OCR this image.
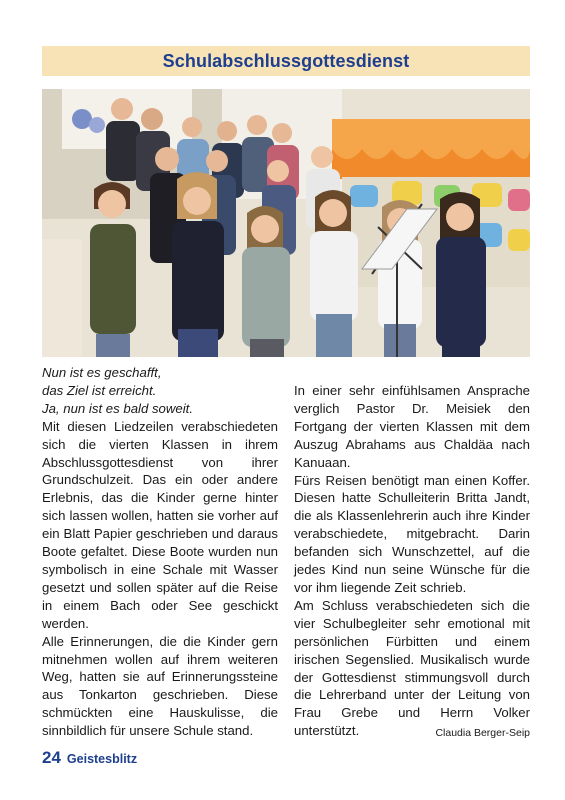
Schulabschlussgottesdienst

Nun ist es geschafft,

das Ziel ist erreicht.

Ja, nun ist es bald soweit.

Mit diesen Liedzeilen verabschiedeten sich die vierten Klassen in ihrem Abschlussgottesdienst von ihrer Grundschulzeit. Das ein oder andere Erlebnis, das die Kinder gerne hinter sich lassen wollen, hatten sie vorher auf ein Blatt Papier geschrieben und daraus Boote gefaltet. Diese Boote wurden nun symbolisch in eine Schale mit Wasser gesetzt und sollen später auf die Reise in einem Bach oder See geschickt werden.

Alle Erinnerungen, die die Kinder gern mitnehmen wollen auf ihrem weiteren Weg, hatten sie auf Erinnerungssteine aus Tonkarton geschrieben. Diese schmückten eine Hauskulisse, die sinnbildlich für unsere Schule stand.

In einer sehr einfühlsamen Ansprache verglich Pastor Dr. Meisiek den Fortgang der vierten Klassen mit dem Auszug Abrahams aus Chaldäa nach Kanuaan.

Fürs Reisen benötigt man einen Koffer. Diesen hatte Schulleiterin Britta Jandt, die als Klassenlehrerin auch ihre Kinder verabschiedete, mitgebracht. Darin befanden sich Wunschzettel, auf die jedes Kind nun seine Wünsche für die vor ihm liegende Zeit schrieb.

Am Schluss verabschiedeten sich die vier Schulbegleiter sehr emotional mit persönlichen Fürbitten und einem irischen Segenslied. Musikalisch wurde der Gottesdienst stimmungsvoll durch die Lehrerband unter der Leitung von Frau Grebe und Herrn Volker unterstützt.	Claudia Berger-Seip

24 Geistesblitz
